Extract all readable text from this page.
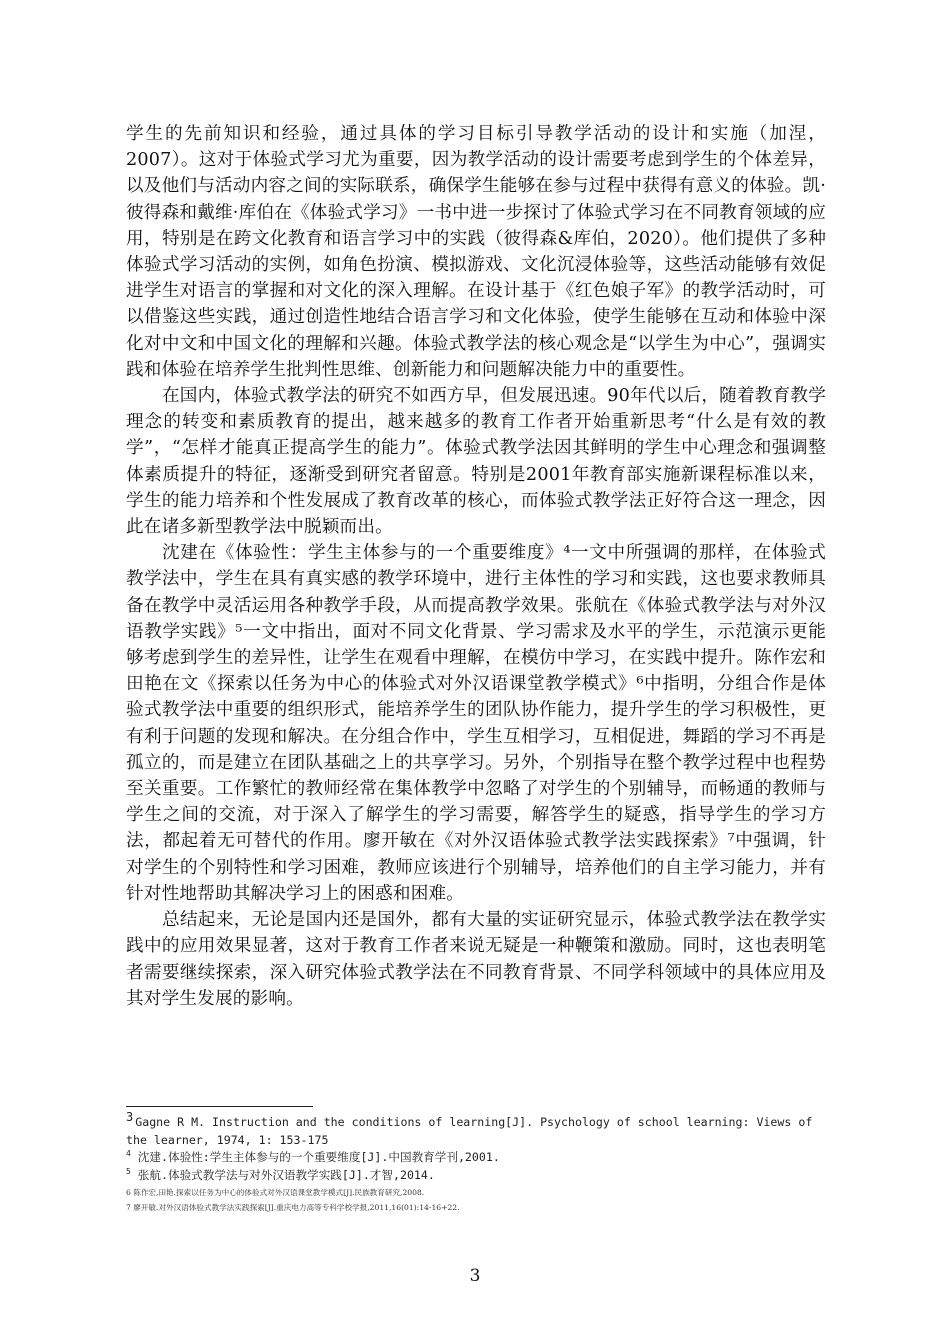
学生的先前知识和经验，通过具体的学习目标引导教学活动的设计和实施（加涅，2007）。这对于体验式学习尤为重要，因为教学活动的设计需要考虑到学生的个体差异，以及他们与活动内容之间的实际联系，确保学生能够在参与过程中获得有意义的体验。凯·彼得森和戴维·库伯在《体验式学习》一书中进一步探讨了体验式学习在不同教育领域的应用，特别是在跨文化教育和语言学习中的实践（彼得森&库伯，2020）。他们提供了多种体验式学习活动的实例，如角色扮演、模拟游戏、文化沉浸体验等，这些活动能够有效促进学生对语言的掌握和对文化的深入理解。在设计基于《红色娘子军》的教学活动时，可以借鉴这些实践，通过创造性地结合语言学习和文化体验，使学生能够在互动和体验中深化对中文和中国文化的理解和兴趣。体验式教学法的核心观念是“以学生为中心”，强调实践和体验在培养学生批判性思维、创新能力和问题解决能力中的重要性。

在国内，体验式教学法的研究不如西方早，但发展迅速。90年代以后，随着教育教学理念的转变和素质教育的提出，越来越多的教育工作者开始重新思考“什么是有效的教学”，“怎样才能真正提高学生的能力”。体验式教学法因其鲜明的学生中心理念和强调整体素质提升的特征，逐渐受到研究者留意。特别是2001年教育部实施新课程标准以来，学生的能力培养和个性发展成了教育改革的核心，而体验式教学法正好符合这一理念，因此在诸多新型教学法中脱颖而出。

沈建在《体验性：学生主体参与的一个重要维度》⁴一文中所强调的那样，在体验式教学法中，学生在具有真实感的教学环境中，进行主体性的学习和实践，这也要求教师具备在教学中灵活运用各种教学手段，从而提高教学效果。张航在《体验式教学法与对外汉语教学实践》⁵一文中指出，面对不同文化背景、学习需求及水平的学生，示范演示更能够考虑到学生的差异性，让学生在观看中理解，在模仿中学习，在实践中提升。陈作宏和田艳在文《探索以任务为中心的体验式对外汉语课堂教学模式》⁶中指明，分组合作是体验式教学法中重要的组织形式，能培养学生的团队协作能力，提升学生的学习积极性，更有利于问题的发现和解决。在分组合作中，学生互相学习，互相促进，舞蹈的学习不再是孤立的，而是建立在团队基础之上的共享学习。另外，个别指导在整个教学过程中也程势至关重要。工作繁忙的教师经常在集体教学中忽略了对学生的个别辅导，而畅通的教师与学生之间的交流，对于深入了解学生的学习需要，解答学生的疑惑，指导学生的学习方法，都起着无可替代的作用。廖开敏在《对外汉语体验式教学法实践探索》⁷中强调，针对学生的个别特性和学习困难，教师应该进行个别辅导，培养他们的自主学习能力，并有针对性地帮助其解决学习上的困惑和困难。

总结起来，无论是国内还是国外，都有大量的实证研究显示，体验式教学法在教学实践中的应用效果显著，这对于教育工作者来说无疑是一种鞭策和激励。同时，这也表明笔者需要继续探索，深入研究体验式教学法在不同教育背景、不同学科领域中的具体应用及其对学生发展的影响。

3 Gagne R M. Instruction and the conditions of learning[J]. Psychology of school learning: Views of the learner, 1974, 1: 153-175

$^4$ 沈建.体验性:学生主体参与的一个重要维度[J].中国教育学刊,2001.

$^5$ 张航.体验式教学法与对外汉语教学实践[J].才智,2014.

6 陈作宏,田艳.探索以任务为中心的体验式对外汉语课堂教学模式[J].民族教育研究,2008.

7 廖开敏.对外汉语体验式教学法实践探索[J].重庆电力高等专科学校学报,2011,16(01):14-16+22.

3
